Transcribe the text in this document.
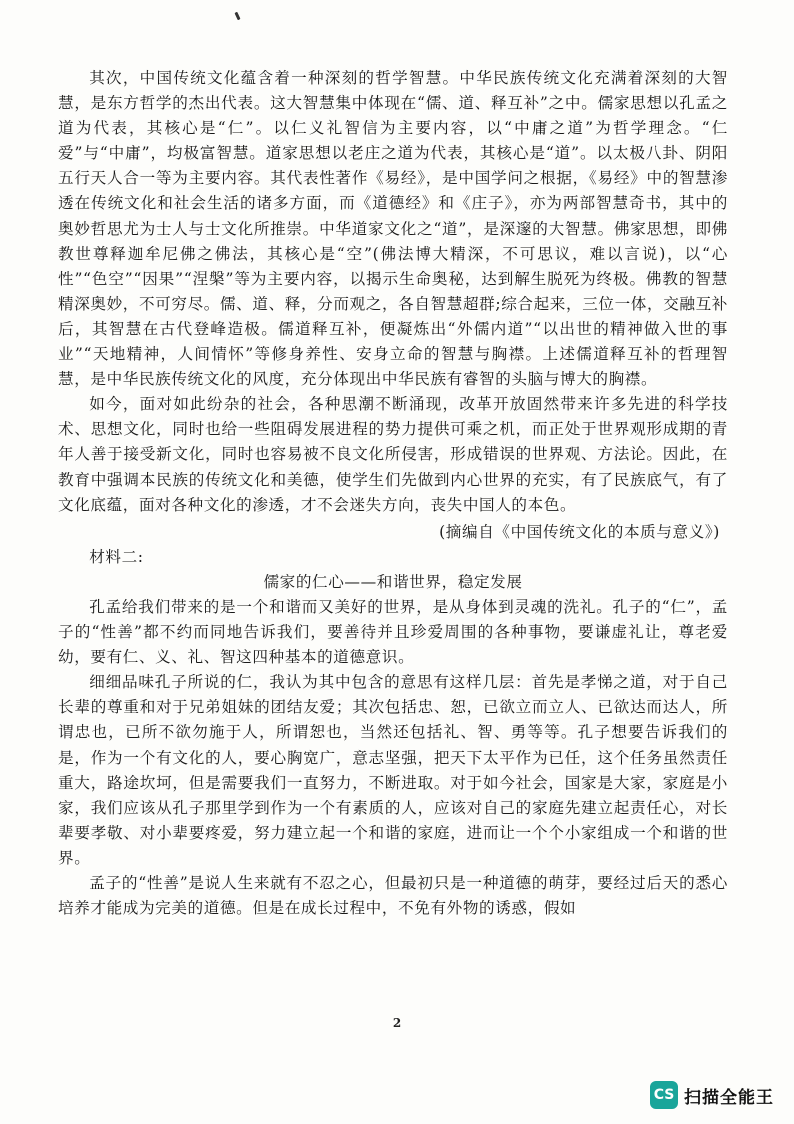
其次，中国传统文化蕴含着一种深刻的哲学智慧。中华民族传统文化充满着深刻的大智慧，是东方哲学的杰出代表。这大智慧集中体现在“儒、道、释互补”之中。儒家思想以孔孟之道为代表，其核心是“仁”。以仁义礼智信为主要内容，以“中庸之道”为哲学理念。“仁爱”与“中庸”，均极富智慧。道家思想以老庄之道为代表，其核心是“道”。以太极八卦、阴阳五行天人合一等为主要内容。其代表性著作《易经》，是中国学问之根据，《易经》中的智慧渗透在传统文化和社会生活的诸多方面，而《道德经》和《庄子》，亦为两部智慧奇书，其中的奥妙哲思尤为士人与士文化所推崇。中华道家文化之“道”，是深邃的大智慧。佛家思想，即佛教世尊释迦牟尼佛之佛法，其核心是“空”(佛法博大精深，不可思议，难以言说)，以“心性”“色空”“因果”“涅槃”等为主要内容，以揭示生命奥秘，达到解生脱死为终极。佛教的智慧精深奥妙，不可穷尽。儒、道、释，分而观之，各自智慧超群;综合起来，三位一体，交融互补后，其智慧在古代登峰造极。儒道释互补，便凝炼出“外儒内道”“以出世的精神做入世的事业”“天地精神，人间情怀”等修身养性、安身立命的智慧与胸襟。上述儒道释互补的哲理智慧，是中华民族传统文化的风度，充分体现出中华民族有睿智的头脑与博大的胸襟。

如今，面对如此纷杂的社会，各种思潮不断涌现，改革开放固然带来许多先进的科学技术、思想文化，同时也给一些阻碍发展进程的势力提供可乘之机，而正处于世界观形成期的青年人善于接受新文化，同时也容易被不良文化所侵害，形成错误的世界观、方法论。因此，在教育中强调本民族的传统文化和美德，使学生们先做到内心世界的充实，有了民族底气，有了文化底蕴，面对各种文化的渗透，才不会迷失方向，丧失中国人的本色。

(摘编自《中国传统文化的本质与意义》)

材料二:

儒家的仁心——和谐世界，稳定发展

孔孟给我们带来的是一个和谐而又美好的世界，是从身体到灵魂的洗礼。孔子的“仁”，孟子的“性善”都不约而同地告诉我们，要善待并且珍爱周围的各种事物，要谦虚礼让，尊老爱幼，要有仁、义、礼、智这四种基本的道德意识。

细细品味孔子所说的仁，我认为其中包含的意思有这样几层：首先是孝悌之道，对于自己长辈的尊重和对于兄弟姐妹的团结友爱；其次包括忠、恕，已欲立而立人、已欲达而达人，所谓忠也，已所不欲勿施于人，所谓恕也，当然还包括礼、智、勇等等。孔子想要告诉我们的是，作为一个有文化的人，要心胸宽广，意志坚强，把天下太平作为已任，这个任务虽然责任重大，路途坎坷，但是需要我们一直努力，不断进取。对于如今社会，国家是大家，家庭是小家，我们应该从孔子那里学到作为一个有素质的人，应该对自己的家庭先建立起责任心，对长辈要孝敬、对小辈要疼爱，努力建立起一个和谐的家庭，进而让一个个小家组成一个和谐的世界。

孟子的“性善”是说人生来就有不忍之心，但最初只是一种道德的萌芽，要经过后天的悉心培养才能成为完美的道德。但是在成长过程中，不免有外物的诱惑，假如

2
CS 扫描全能王
